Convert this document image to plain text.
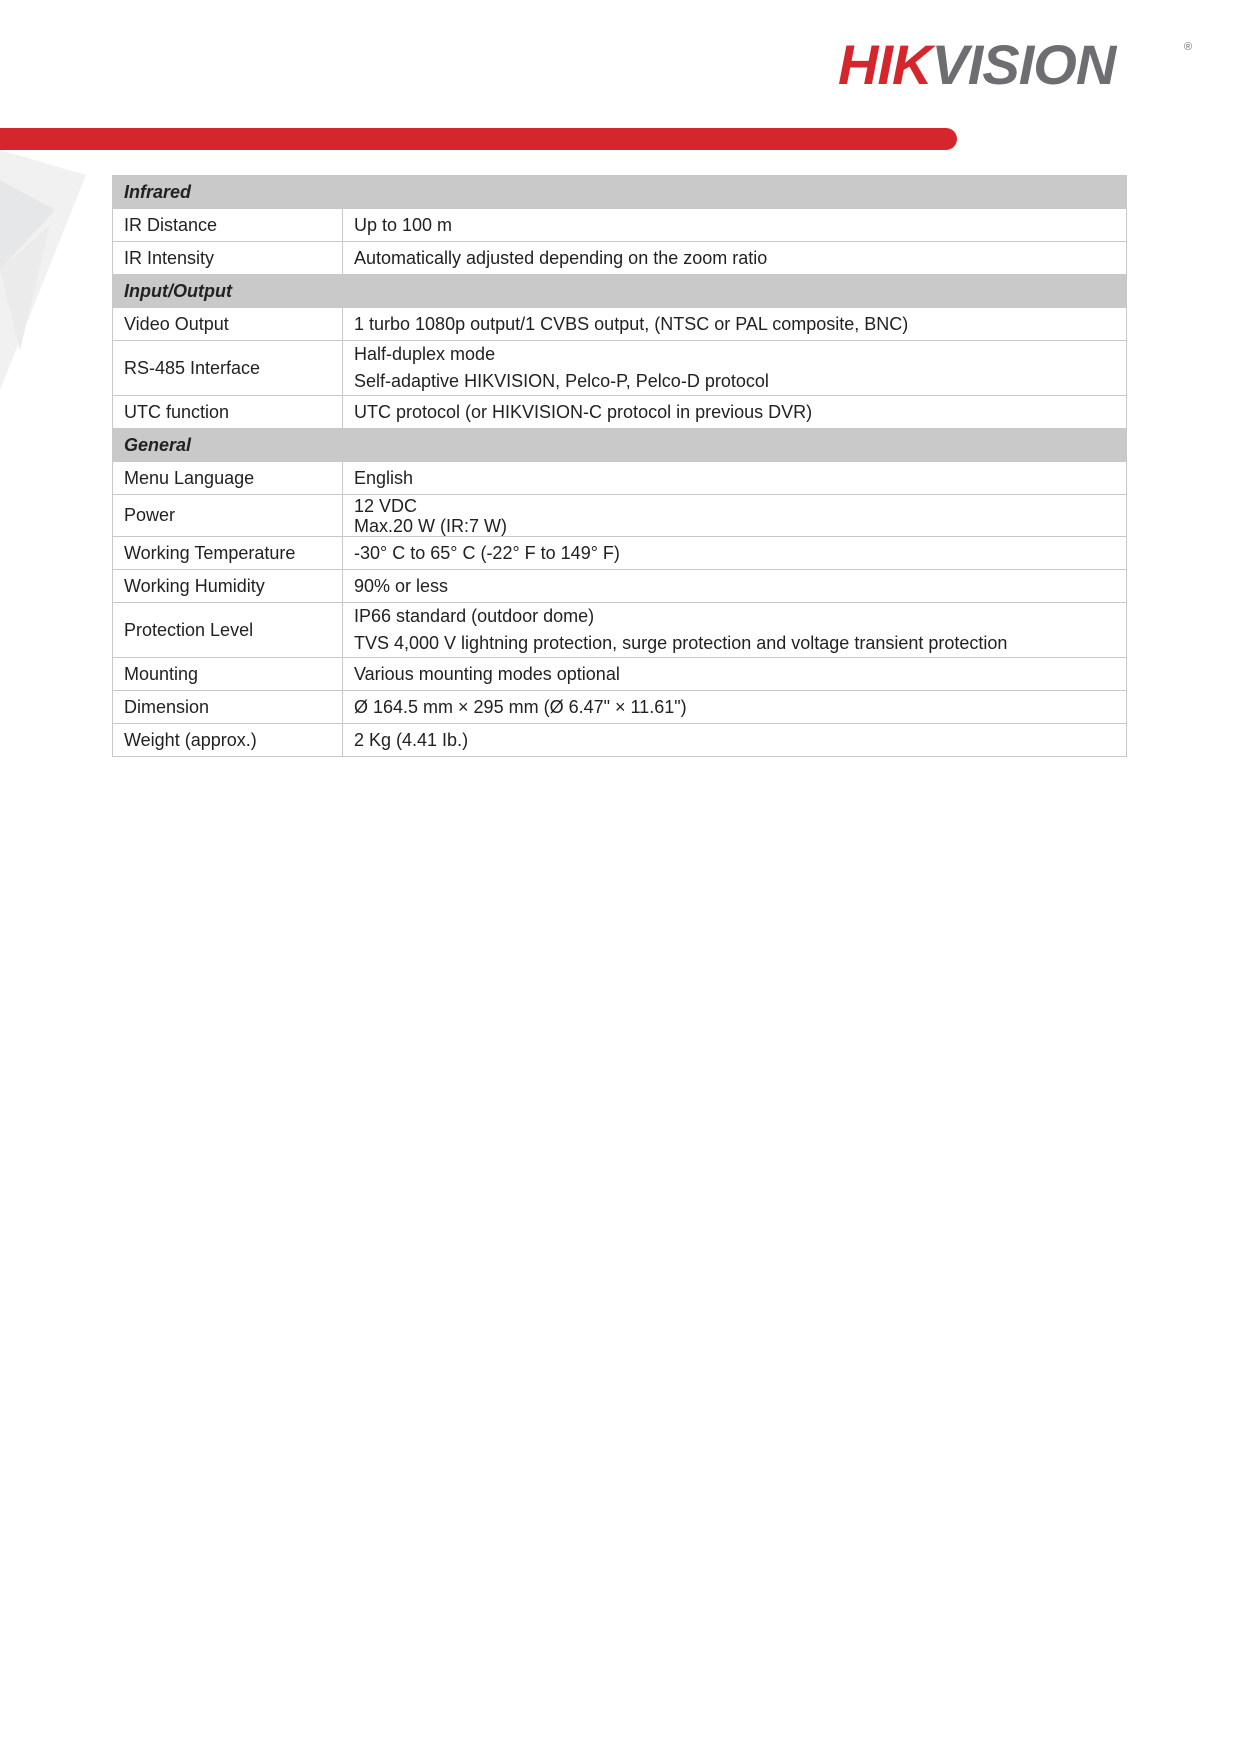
HIKVISION	®
Infrared	
IR Distance	Up to 100 m
IR Intensity	Automatically adjusted depending on the zoom ratio
Input/Output	
Video Output	1 turbo 1080p output/1 CVBS output, (NTSC or PAL composite, BNC)
RS-485 Interface	Half-duplex mode
Self-adaptive HIKVISION, Pelco-P, Pelco-D protocol

UTC function	UTC protocol (or HIKVISION-C protocol in previous DVR)
General	
Menu Language	English
Power	12 VDC
Max.20 W (IR:7 W)

Working Temperature	-30° C to 65° C (-22° F to 149° F)
Working Humidity	90% or less
Protection Level	IP66 standard (outdoor dome)
TVS 4,000 V lightning protection, surge protection and voltage transient protection

Mounting	Various mounting modes optional
Dimension	Ø 164.5 mm × 295 mm (Ø 6.47" × 11.61")
Weight (approx.)	2 Kg (4.41 Ib.)
